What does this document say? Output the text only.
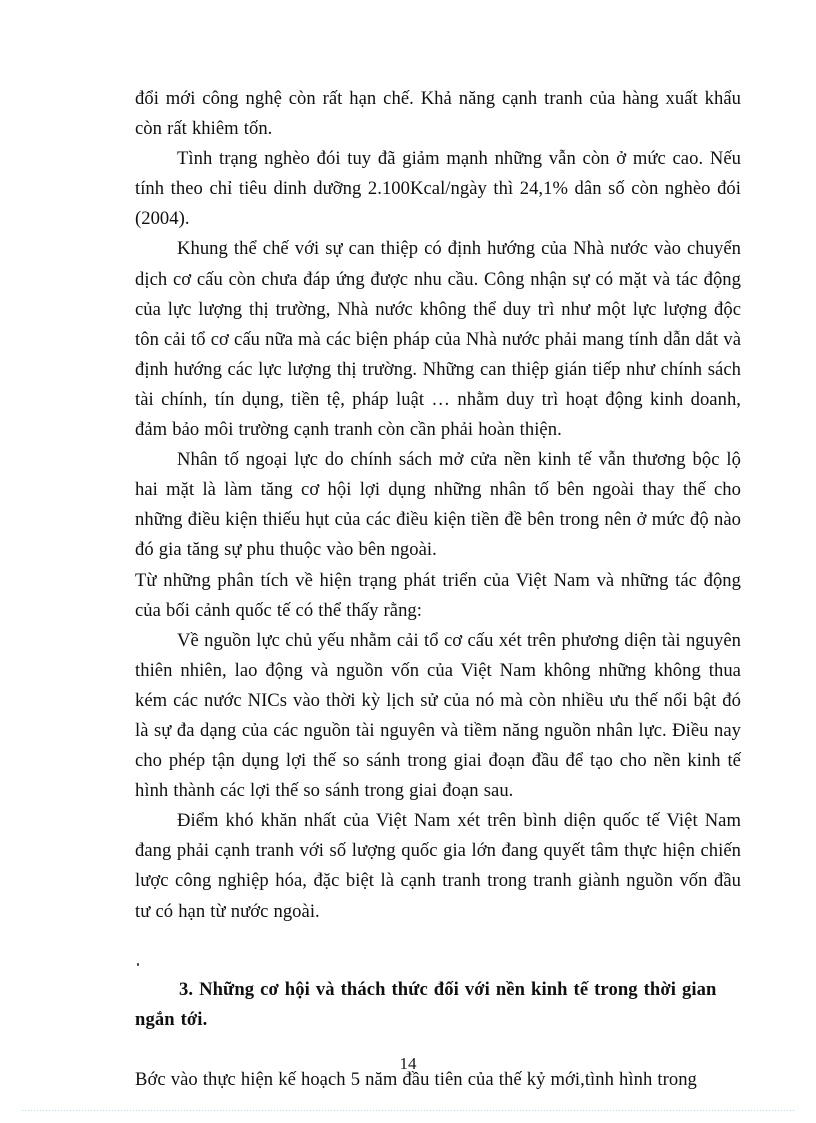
đổi mới công nghệ còn rất hạn chế. Khả năng cạnh tranh của hàng xuất khẩu còn rất khiêm tốn.

Tình trạng nghèo đói tuy đã giảm mạnh những vẫn còn ở mức cao. Nếu tính theo chỉ tiêu dinh dưỡng 2.100Kcal/ngày thì 24,1% dân số còn nghèo đói (2004).

Khung thể chế với sự can thiệp có định hướng của Nhà nước vào chuyển dịch cơ cấu còn chưa đáp ứng được nhu cầu. Công nhận sự có mặt và tác động của lực lượng thị trường, Nhà nước không thể duy trì như một lực lượng độc tôn cải tổ cơ cấu nữa mà các biện pháp của Nhà nước phải mang tính dẫn dắt và định hướng các lực lượng thị trường. Những can thiệp gián tiếp như chính sách tài chính, tín dụng, tiền tệ, pháp luật … nhằm duy trì hoạt động kinh doanh, đảm bảo môi trường cạnh tranh còn cần phải hoàn thiện.

Nhân tố ngoại lực do chính sách mở cửa nền kinh tế vẫn thương bộc lộ hai mặt là làm tăng cơ hội lợi dụng những nhân tố bên ngoài thay thế cho những điều kiện thiếu hụt của các điều kiện tiền đề bên trong nên ở mức độ nào đó gia tăng sự phu thuộc vào bên ngoài.

Từ những phân tích về hiện trạng phát triển của Việt Nam và những tác động của bối cảnh quốc tế có thể thấy rằng:

Về nguồn lực chủ yếu nhằm cải tổ cơ cấu xét trên phương diện tài nguyên thiên nhiên, lao động và nguồn vốn của Việt Nam không những không thua kém các nước NICs vào thời kỳ lịch sử của nó mà còn nhiều ưu thế nổi bật đó là sự đa dạng của các nguồn tài nguyên và tiềm năng nguồn nhân lực. Điều nay cho phép tận dụng lợi thế so sánh trong giai đoạn đầu để tạo cho nền kinh tế hình thành các lợi thế so sánh trong giai đoạn sau.

Điểm khó khăn nhất của Việt Nam xét trên bình diện quốc tế Việt Nam đang phải cạnh tranh với số lượng quốc gia lớn đang quyết tâm thực hiện chiến lược công nghiệp hóa, đặc biệt là cạnh tranh trong tranh giành nguồn vốn đầu tư có hạn từ nước ngoài.

3. Những cơ hội và thách thức đối với nền kinh tế trong thời gian ngắn tới.

Bớc vào thực hiện kế hoạch 5 năm đầu tiên của thế kỷ mới,tình hình trong

14
